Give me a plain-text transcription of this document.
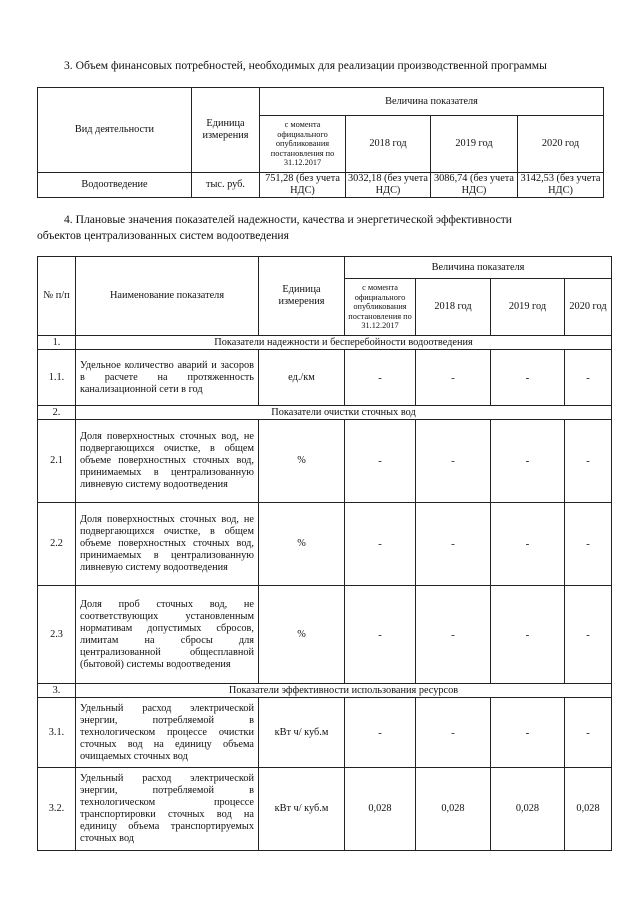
3. Объем финансовых потребностей, необходимых для реализации производственной программы
Вид деятельности	Единица измерения	Величина показателя			
		с момента официального опубликования постановления по 31.12.2017	2018 год	2019 год	2020 год
Водоотведение	тыс. руб.	751,28 (без учета НДС)	3032,18 (без учета НДС)	3086,74 (без учета НДС)	3142,53 (без учета НДС)
4. Плановые значения показателей надежности, качества и энергетической эффективности
объектов централизованных систем водоотведения
№ п/п	Наименование показателя	Единица измерения	Величина показателя			
			с момента официального опубликования постановления по 31.12.2017	2018 год	2019 год	2020 год
1.	Показатели надежности и бесперебойности водоотведения					
1.1.	Удельное количество аварий и засоров в расчете на протяженность канализационной сети в год	ед./км	-	-	-	-
2.	Показатели очистки сточных вод					
2.1	Доля поверхностных сточных вод, не подвергающихся очистке, в общем объеме поверхностных сточных вод, принимаемых в централизованную ливневую систему водоотведения	%	-	-	-	-
2.2	Доля поверхностных сточных вод, не подвергающихся очистке, в общем объеме поверхностных сточных вод, принимаемых в централизованную ливневую систему водоотведения	%	-	-	-	-
2.3	Доля проб сточных вод, не соответствующих установленным нормативам допустимых сбросов, лимитам на сбросы для централизованной общесплавной (бытовой) системы водоотведения	%	-	-	-	-
3.	Показатели эффективности использования ресурсов					
3.1.	Удельный расход электрической энергии, потребляемой в технологическом процессе очистки сточных вод на единицу объема очищаемых сточных вод	кВт ч/ куб.м	-	-	-	-
3.2.	Удельный расход электрической энергии, потребляемой в технологическом процессе транспортировки сточных вод на единицу объема транспортируемых сточных вод	кВт ч/ куб.м	0,028	0,028	0,028	0,028
